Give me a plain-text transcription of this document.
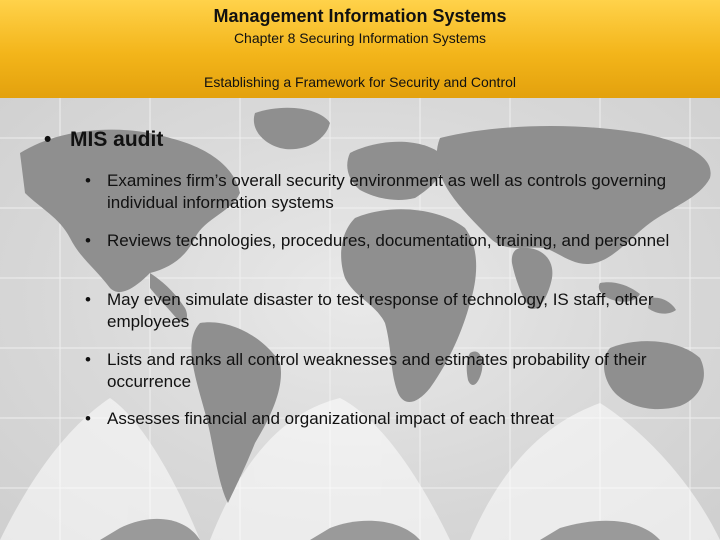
Management Information Systems
Chapter 8 Securing Information Systems
Establishing a Framework for Security and Control
• MIS audit
• Examines firm’s overall security environment as well as controls governing individual information systems
• Reviews technologies, procedures, documentation, training, and personnel
• May even simulate disaster to test response of technology, IS staff, other employees
• Lists and ranks all control weaknesses and estimates probability of their occurrence
• Assesses financial and organizational impact of each threat
